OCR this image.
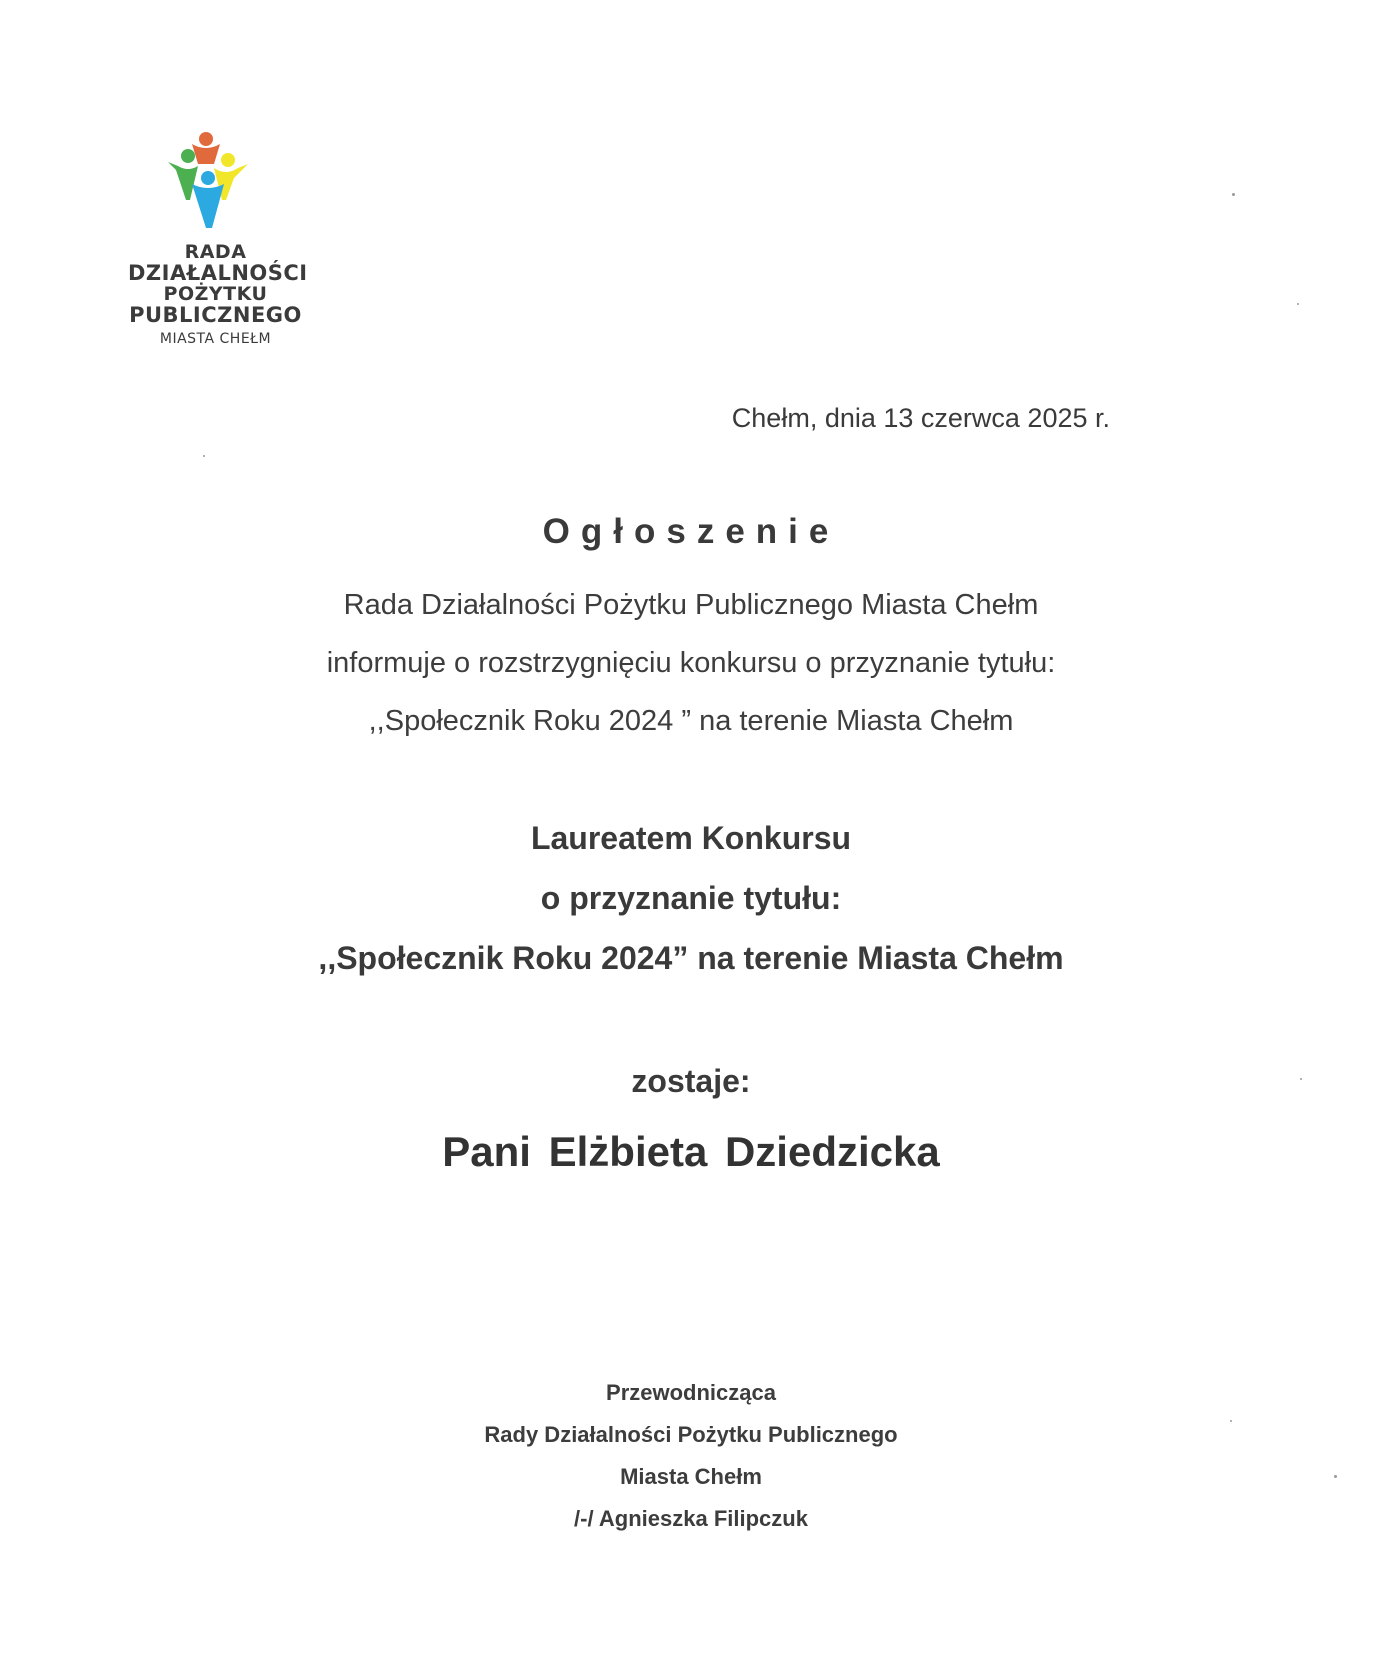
RADA
DZIAŁALNOŚCI
POŻYTKU
PUBLICZNEGO
MIASTA CHEŁM
Chełm, dnia 13 czerwca 2025 r.
Ogłoszenie
Rada Działalności Pożytku Publicznego Miasta Chełm
informuje o rozstrzygnięciu konkursu o przyznanie tytułu:
,,Społecznik Roku 2024 ” na terenie Miasta Chełm
Laureatem Konkursu
o przyznanie tytułu:
,,Społecznik Roku 2024” na terenie Miasta Chełm
zostaje:
Pani Elżbieta Dziedzicka
Przewodnicząca
Rady Działalności Pożytku Publicznego
Miasta Chełm
/-/ Agnieszka Filipczuk
